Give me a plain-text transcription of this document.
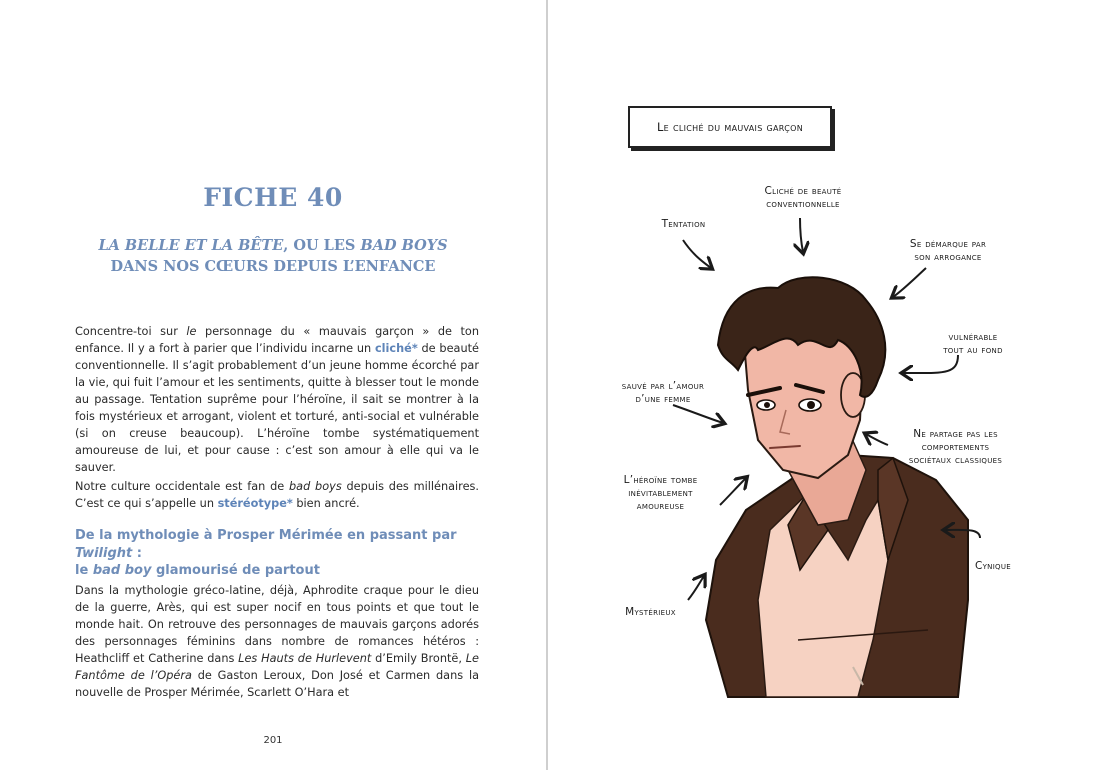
FICHE 40
LA BELLE ET LA BÊTE, OU LES BAD BOYS
DANS NOS CŒURS DEPUIS L’ENFANCE
Concentre-toi sur le personnage du « mauvais garçon » de ton enfance. Il y a fort à parier que l’individu incarne un cliché* de beauté conventionnelle. Il s’agit probablement d’un jeune homme écorché par la vie, qui fuit l’amour et les sentiments, quitte à blesser tout le monde au passage. Tentation suprême pour l’héroïne, il sait se montrer à la fois mystérieux et arrogant, violent et torturé, anti-social et vulnérable (si on creuse beaucoup). L’héroïne tombe systématiquement amoureuse de lui, et pour cause : c’est son amour à elle qui va le sauver.
Notre culture occidentale est fan de bad boys depuis des millénaires. C’est ce qui s’appelle un stéréotype* bien ancré.
De la mythologie à Prosper Mérimée en passant par Twilight :
le bad boy glamourisé de partout
Dans la mythologie gréco-latine, déjà, Aphrodite craque pour le dieu de la guerre, Arès, qui est super nocif en tous points et que tout le monde hait. On retrouve des personnages de mauvais garçons adorés des personnages féminins dans nombre de romances hétéros : Heathcliff et Catherine dans Les Hauts de Hurlevent d’Emily Brontë, Le Fantôme de l’Opéra de Gaston Leroux, Don José et Carmen dans la nouvelle de Prosper Mérimée, Scarlett O’Hara et
201
Le cliché du mauvais garçon
Tentation
Cliché de beauté
conventionnelle
Se démarque par
son arrogance
vulnérable
tout au fond
sauvé par l’amour
d’une femme
Ne partage pas les
comportements
sociétaux classiques
L’héroïne tombe
inévitablement
amoureuse
Cynique
Mystérieux
